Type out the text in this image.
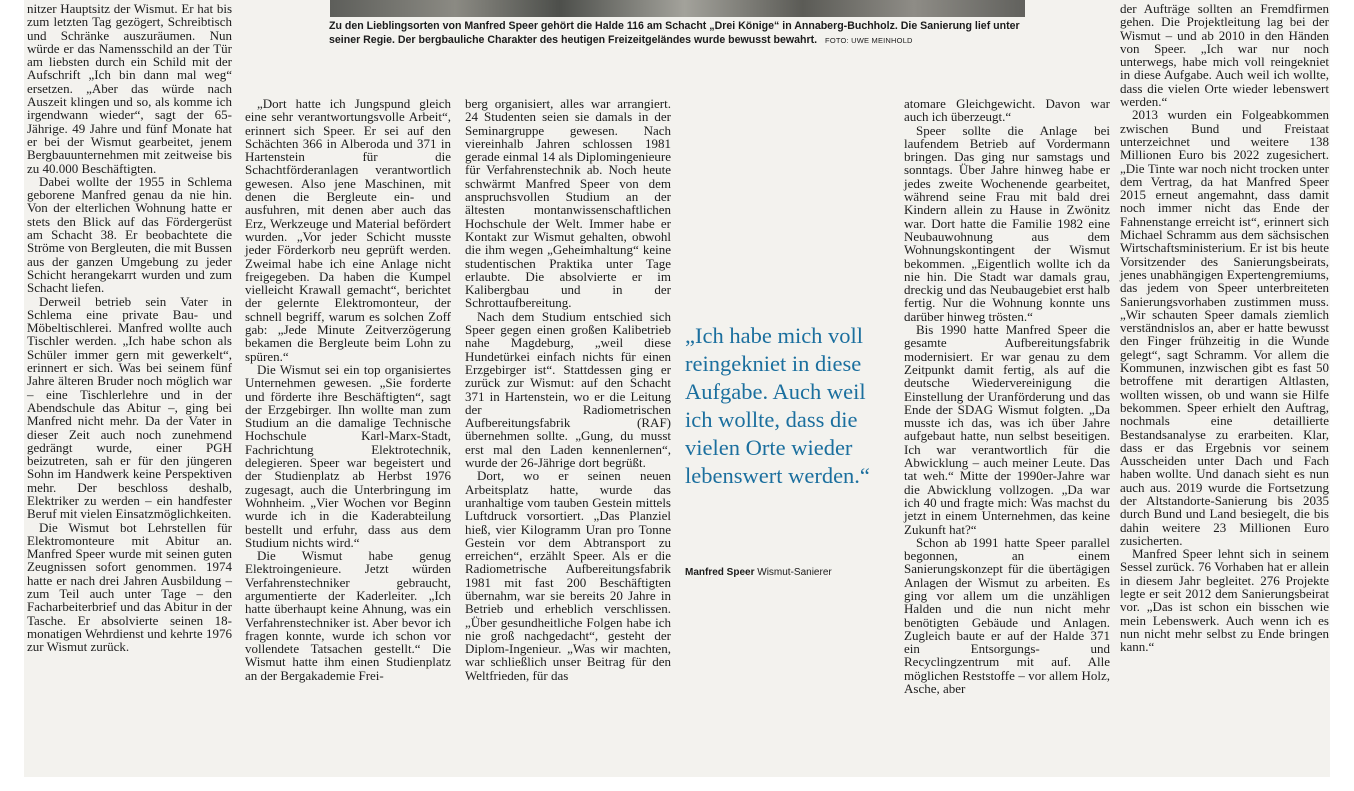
Zu den Lieblingsorten von Manfred Speer gehört die Halde 116 am Schacht „Drei Könige“ in Annaberg-Buchholz. Die Sanierung lief unter seiner Regie. Der bergbauliche Charakter des heutigen Freizeitgeländes wurde bewusst bewahrt. FOTO: UWE MEINHOLD

nitzer Hauptsitz der Wismut. Er hat bis zum letzten Tag gezögert, Schreibtisch und Schränke auszuräumen. Nun würde er das Namensschild an der Tür am liebsten durch ein Schild mit der Aufschrift „Ich bin dann mal weg“ ersetzen. „Aber das würde nach Auszeit klingen und so, als komme ich irgendwann wieder“, sagt der 65-Jährige. 49 Jahre und fünf Monate hat er bei der Wismut gearbeitet, jenem Bergbauunternehmen mit zeitweise bis zu 40.000 Beschäftigten.

Dabei wollte der 1955 in Schlema geborene Manfred genau da nie hin. Von der elterlichen Wohnung hatte er stets den Blick auf das Fördergerüst am Schacht 38. Er beobachtete die Ströme von Bergleuten, die mit Bussen aus der ganzen Umgebung zu jeder Schicht herangekarrt wurden und zum Schacht liefen.

Derweil betrieb sein Vater in Schlema eine private Bau- und Möbeltischlerei. Manfred wollte auch Tischler werden. „Ich habe schon als Schüler immer gern mit gewerkelt“, erinnert er sich. Was bei seinem fünf Jahre älteren Bruder noch möglich war – eine Tischlerlehre und in der Abendschule das Abitur –, ging bei Manfred nicht mehr. Da der Vater in dieser Zeit auch noch zunehmend gedrängt wurde, einer PGH beizutreten, sah er für den jüngeren Sohn im Handwerk keine Perspektiven mehr. Der beschloss deshalb, Elektriker zu werden – ein handfester Beruf mit vielen Einsatzmöglichkeiten.

Die Wismut bot Lehrstellen für Elektromonteure mit Abitur an. Manfred Speer wurde mit seinen guten Zeugnissen sofort genommen. 1974 hatte er nach drei Jahren Ausbildung – zum Teil auch unter Tage – den Facharbeiterbrief und das Abitur in der Tasche. Er absolvierte seinen 18-monatigen Wehrdienst und kehrte 1976 zur Wismut zurück.

„Dort hatte ich Jungspund gleich eine sehr verantwortungsvolle Arbeit“, erinnert sich Speer. Er sei auf den Schächten 366 in Alberoda und 371 in Hartenstein für die Schachtförderanlagen verantwortlich gewesen. Also jene Maschinen, mit denen die Bergleute ein- und ausfuhren, mit denen aber auch das Erz, Werkzeuge und Material befördert wurden. „Vor jeder Schicht musste jeder Förderkorb neu geprüft werden. Zweimal habe ich eine Anlage nicht freigegeben. Da haben die Kumpel vielleicht Krawall gemacht“, berichtet der gelernte Elektromonteur, der schnell begriff, warum es solchen Zoff gab: „Jede Minute Zeitverzögerung bekamen die Bergleute beim Lohn zu spüren.“

Die Wismut sei ein top organisiertes Unternehmen gewesen. „Sie forderte und förderte ihre Beschäftigten“, sagt der Erzgebirger. Ihn wollte man zum Studium an die damalige Technische Hochschule Karl-Marx-Stadt, Fachrichtung Elektrotechnik, delegieren. Speer war begeistert und der Studienplatz ab Herbst 1976 zugesagt, auch die Unterbringung im Wohnheim. „Vier Wochen vor Beginn wurde ich in die Kaderabteilung bestellt und erfuhr, dass aus dem Studium nichts wird.“

Die Wismut habe genug Elektroingenieure. Jetzt würden Verfahrenstechniker gebraucht, argumentierte der Kaderleiter. „Ich hatte überhaupt keine Ahnung, was ein Verfahrenstechniker ist. Aber bevor ich fragen konnte, wurde ich schon vor vollendete Tatsachen gestellt.“ Die Wismut hatte ihm einen Studienplatz an der Bergakademie Frei-

berg organisiert, alles war arrangiert. 24 Studenten seien sie damals in der Seminargruppe gewesen. Nach viereinhalb Jahren schlossen 1981 gerade einmal 14 als Diplomingenieure für Verfahrenstechnik ab. Noch heute schwärmt Manfred Speer von dem anspruchsvollen Studium an der ältesten montanwissenschaftlichen Hochschule der Welt. Immer habe er Kontakt zur Wismut gehalten, obwohl die ihm wegen „Geheimhaltung“ keine studentischen Praktika unter Tage erlaubte. Die absolvierte er im Kalibergbau und in der Schrottaufbereitung.

Nach dem Studium entschied sich Speer gegen einen großen Kalibetrieb nahe Magdeburg, „weil diese Hundetürkei einfach nichts für einen Erzgebirger ist“. Stattdessen ging er zurück zur Wismut: auf den Schacht 371 in Hartenstein, wo er die Leitung der Radiometrischen Aufbereitungsfabrik (RAF) übernehmen sollte. „Gung, du musst erst mal den Laden kennenlernen“, wurde der 26-Jährige dort begrüßt.

Dort, wo er seinen neuen Arbeitsplatz hatte, wurde das uranhaltige vom tauben Gestein mittels Luftdruck vorsortiert. „Das Planziel hieß, vier Kilogramm Uran pro Tonne Gestein vor dem Abtransport zu erreichen“, erzählt Speer. Als er die Radiometrische Aufbereitungsfabrik 1981 mit fast 200 Beschäftigten übernahm, war sie bereits 20 Jahre in Betrieb und erheblich verschlissen. „Über gesundheitliche Folgen habe ich nie groß nachgedacht“, gesteht der Diplom-Ingenieur. „Was wir machten, war schließlich unser Beitrag für den Weltfrieden, für das

„Ich habe mich voll reingekniet in diese Aufgabe. Auch weil ich wollte, dass die vielen Orte wieder lebenswert werden.“
Manfred Speer Wismut-Sanierer

atomare Gleichgewicht. Davon war auch ich überzeugt.“

Speer sollte die Anlage bei laufendem Betrieb auf Vordermann bringen. Das ging nur samstags und sonntags. Über Jahre hinweg habe er jedes zweite Wochenende gearbeitet, während seine Frau mit bald drei Kindern allein zu Hause in Zwönitz war. Dort hatte die Familie 1982 eine Neubauwohnung aus dem Wohnungskontingent der Wismut bekommen. „Eigentlich wollte ich da nie hin. Die Stadt war damals grau, dreckig und das Neubaugebiet erst halb fertig. Nur die Wohnung konnte uns darüber hinweg trösten.“

Bis 1990 hatte Manfred Speer die gesamte Aufbereitungsfabrik modernisiert. Er war genau zu dem Zeitpunkt damit fertig, als auf die deutsche Wiedervereinigung die Einstellung der Uranförderung und das Ende der SDAG Wismut folgten. „Da musste ich das, was ich über Jahre aufgebaut hatte, nun selbst beseitigen. Ich war verantwortlich für die Abwicklung – auch meiner Leute. Das tat weh.“ Mitte der 1990er-Jahre war die Abwicklung vollzogen. „Da war ich 40 und fragte mich: Was machst du jetzt in einem Unternehmen, das keine Zukunft hat?“

Schon ab 1991 hatte Speer parallel begonnen, an einem Sanierungskonzept für die übertägigen Anlagen der Wismut zu arbeiten. Es ging vor allem um die unzähligen Halden und die nun nicht mehr benötigten Gebäude und Anlagen. Zugleich baute er auf der Halde 371 ein Entsorgungs- und Recyclingzentrum mit auf. Alle möglichen Reststoffe – vor allem Holz, Asche, aber

der Aufträge sollten an Fremdfirmen gehen. Die Projektleitung lag bei der Wismut – und ab 2010 in den Händen von Speer. „Ich war nur noch unterwegs, habe mich voll reingekniet in diese Aufgabe. Auch weil ich wollte, dass die vielen Orte wieder lebenswert werden.“

2013 wurden ein Folgeabkommen zwischen Bund und Freistaat unterzeichnet und weitere 138 Millionen Euro bis 2022 zugesichert. „Die Tinte war noch nicht trocken unter dem Vertrag, da hat Manfred Speer 2015 erneut angemahnt, dass damit noch immer nicht das Ende der Fahnenstange erreicht ist“, erinnert sich Michael Schramm aus dem sächsischen Wirtschaftsministerium. Er ist bis heute Vorsitzender des Sanierungsbeirats, jenes unabhängigen Expertengremiums, das jedem von Speer unterbreiteten Sanierungsvorhaben zustimmen muss. „Wir schauten Speer damals ziemlich verständnislos an, aber er hatte bewusst den Finger frühzeitig in die Wunde gelegt“, sagt Schramm. Vor allem die Kommunen, inzwischen gibt es fast 50 betroffene mit derartigen Altlasten, wollten wissen, ob und wann sie Hilfe bekommen. Speer erhielt den Auftrag, nochmals eine detaillierte Bestandsanalyse zu erarbeiten. Klar, dass er das Ergebnis vor seinem Ausscheiden unter Dach und Fach haben wollte. Und danach sieht es nun auch aus. 2019 wurde die Fortsetzung der Altstandorte-Sanierung bis 2035 durch Bund und Land besiegelt, die bis dahin weitere 23 Millionen Euro zusicherten.

Manfred Speer lehnt sich in seinem Sessel zurück. 76 Vorhaben hat er allein in diesem Jahr begleitet. 276 Projekte legte er seit 2012 dem Sanierungsbeirat vor. „Das ist schon ein bisschen wie mein Lebenswerk. Auch wenn ich es nun nicht mehr selbst zu Ende bringen kann.“
